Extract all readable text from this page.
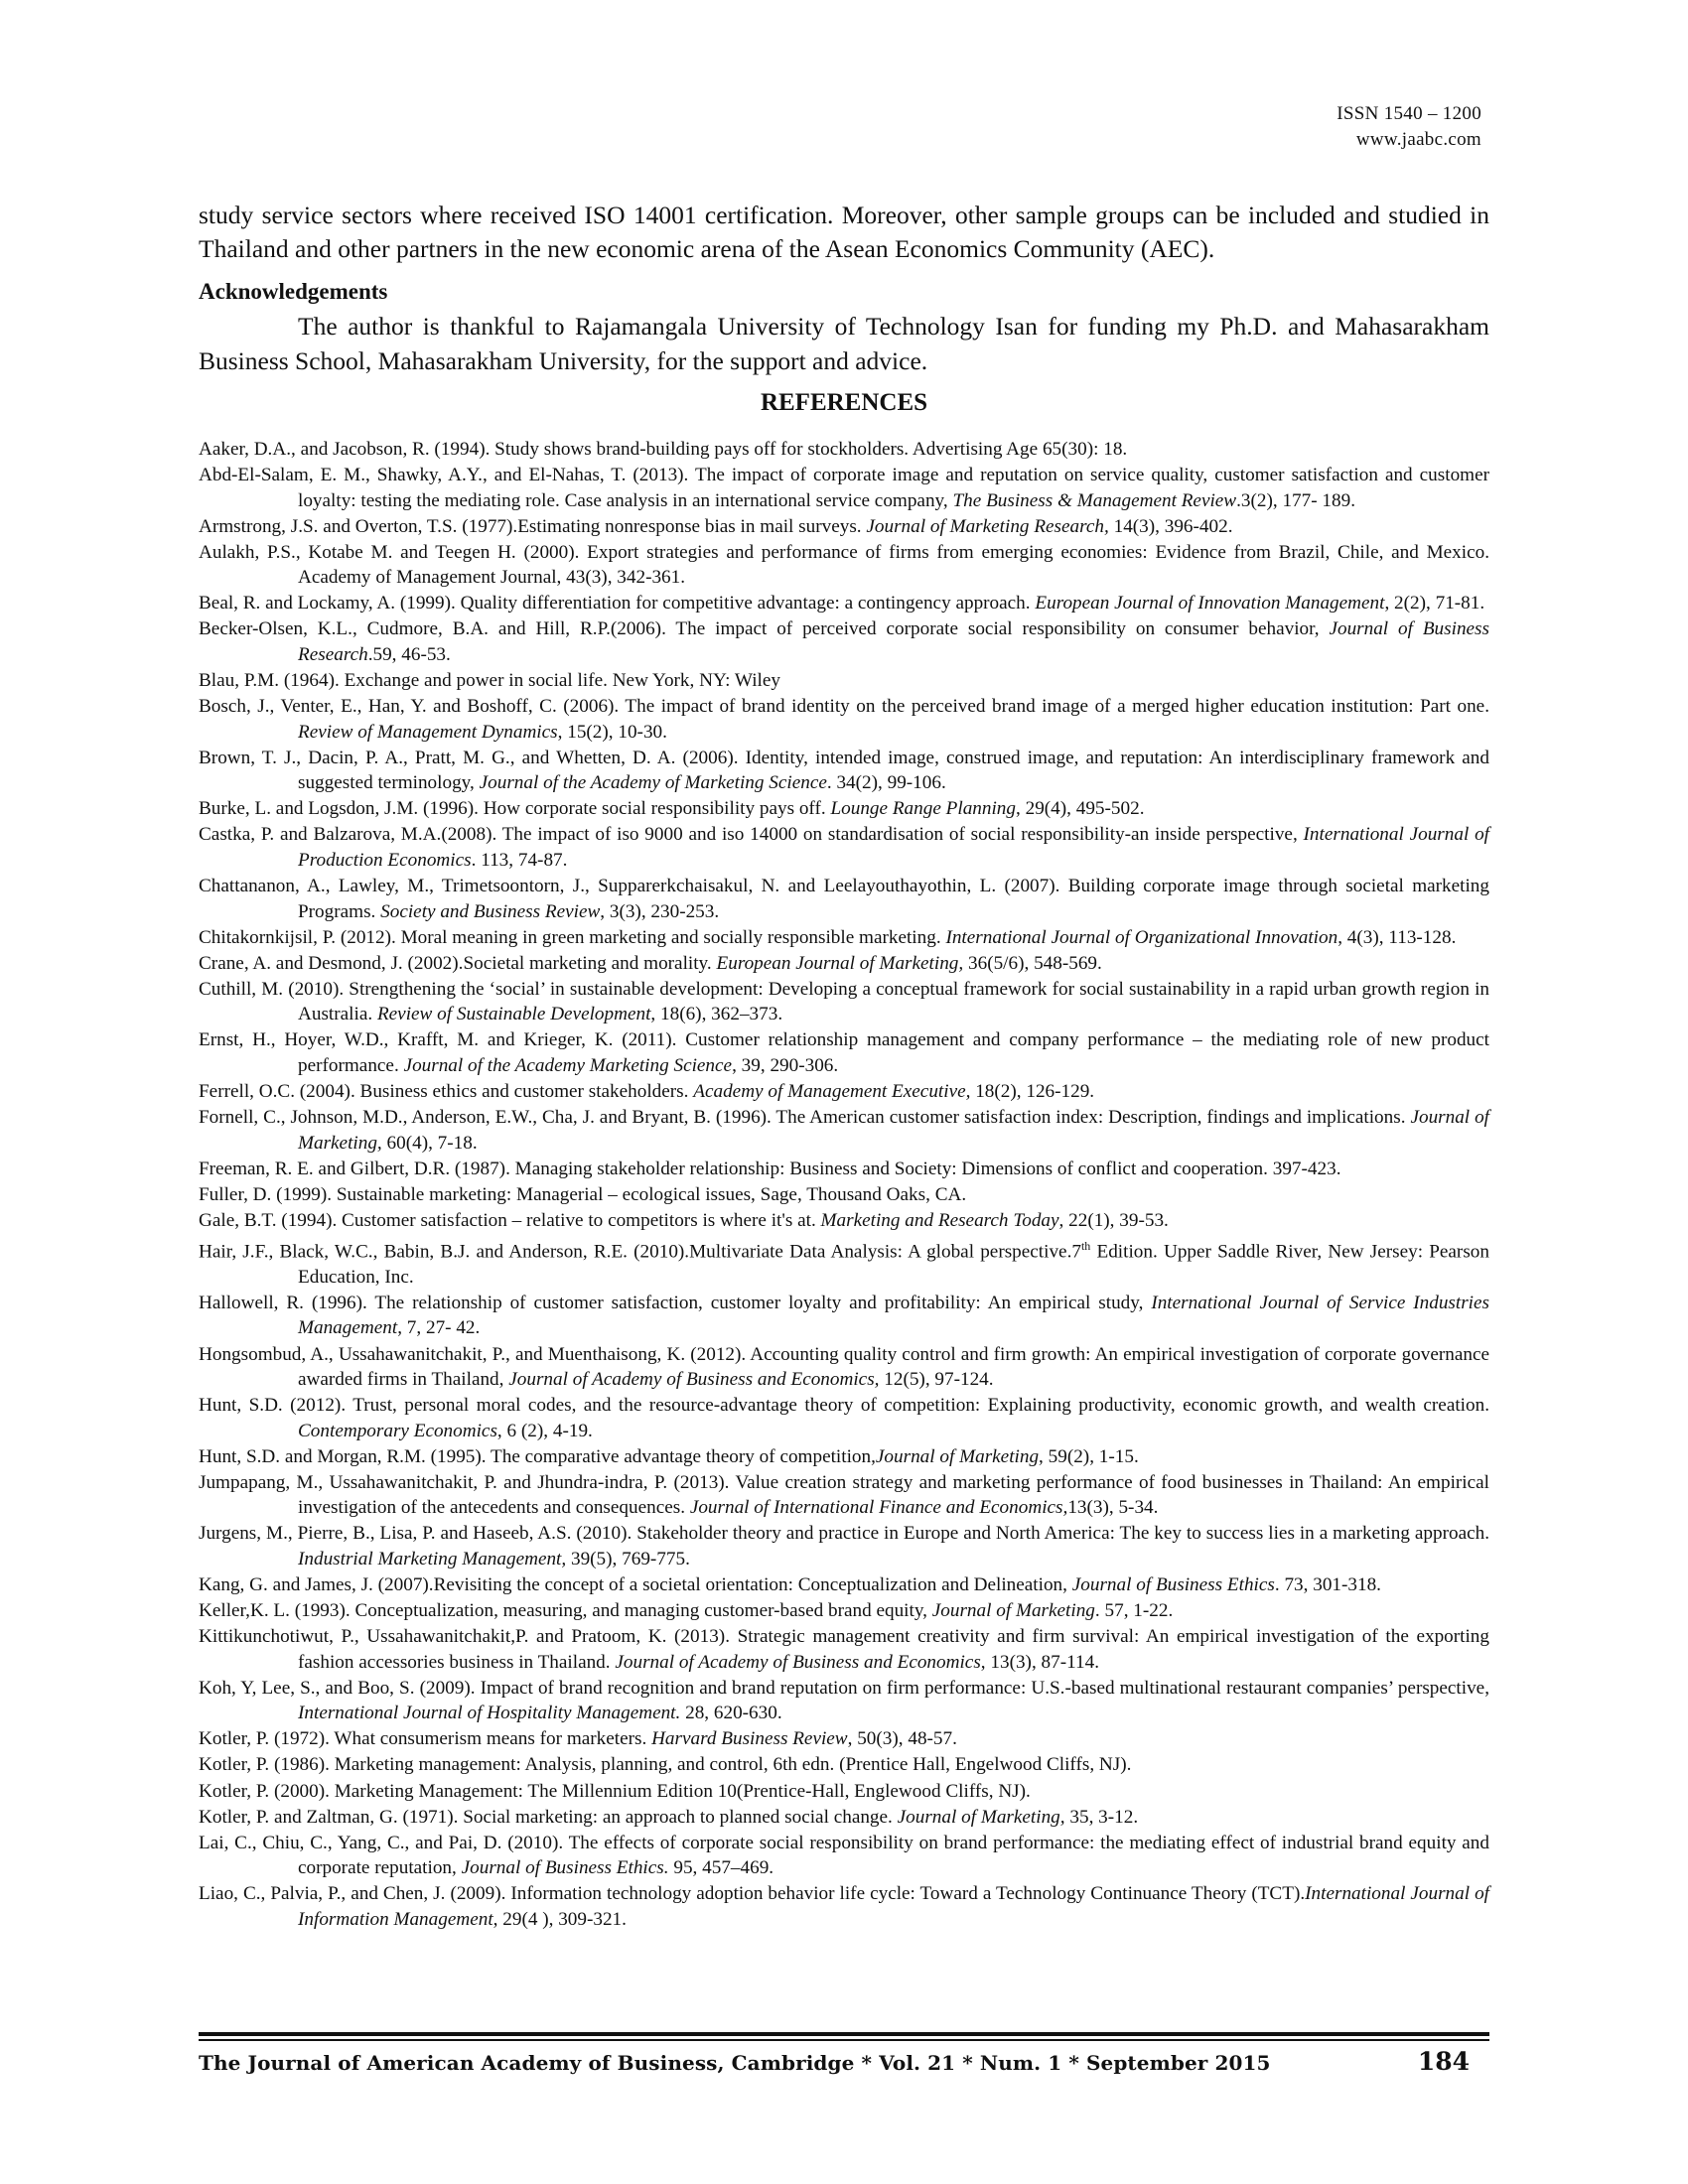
ISSN 1540 – 1200
www.jaabc.com

study service sectors where received ISO 14001 certification. Moreover, other sample groups can be included and studied in Thailand and other partners in the new economic arena of the Asean Economics Community (AEC).

Acknowledgements

The author is thankful to Rajamangala University of Technology Isan for funding my Ph.D. and Mahasarakham Business School, Mahasarakham University, for the support and advice.

REFERENCES

Aaker, D.A., and Jacobson, R. (1994). Study shows brand-building pays off for stockholders. Advertising Age 65(30): 18.

Abd-El-Salam, E. M., Shawky, A.Y., and El-Nahas, T. (2013). The impact of corporate image and reputation on service quality, customer satisfaction and customer loyalty: testing the mediating role. Case analysis in an international service company, The Business & Management Review.3(2), 177- 189.

Armstrong, J.S. and Overton, T.S. (1977).Estimating nonresponse bias in mail surveys. Journal of Marketing Research, 14(3), 396-402.

Aulakh, P.S., Kotabe M. and Teegen H. (2000). Export strategies and performance of firms from emerging economies: Evidence from Brazil, Chile, and Mexico. Academy of Management Journal, 43(3), 342-361.

Beal, R. and Lockamy, A. (1999). Quality differentiation for competitive advantage: a contingency approach. European Journal of Innovation Management, 2(2), 71-81.

Becker-Olsen, K.L., Cudmore, B.A. and Hill, R.P.(2006). The impact of perceived corporate social responsibility on consumer behavior, Journal of Business Research.59, 46-53.

Blau, P.M. (1964). Exchange and power in social life. New York, NY: Wiley

Bosch, J., Venter, E., Han, Y. and Boshoff, C. (2006). The impact of brand identity on the perceived brand image of a merged higher education institution: Part one. Review of Management Dynamics, 15(2), 10-30.

Brown, T. J., Dacin, P. A., Pratt, M. G., and Whetten, D. A. (2006). Identity, intended image, construed image, and reputation: An interdisciplinary framework and suggested terminology, Journal of the Academy of Marketing Science. 34(2), 99-106.

Burke, L. and Logsdon, J.M. (1996). How corporate social responsibility pays off. Lounge Range Planning, 29(4), 495-502.

Castka, P. and Balzarova, M.A.(2008). The impact of iso 9000 and iso 14000 on standardisation of social responsibility-an inside perspective, International Journal of Production Economics. 113, 74-87.

Chattananon, A., Lawley, M., Trimetsoontorn, J., Supparerkchaisakul, N. and Leelayouthayothin, L. (2007). Building corporate image through societal marketing Programs. Society and Business Review, 3(3), 230-253.

Chitakornkijsil, P. (2012). Moral meaning in green marketing and socially responsible marketing. International Journal of Organizational Innovation, 4(3), 113-128.

Crane, A. and Desmond, J. (2002).Societal marketing and morality. European Journal of Marketing, 36(5/6), 548-569.

Cuthill, M. (2010). Strengthening the ‘social’ in sustainable development: Developing a conceptual framework for social sustainability in a rapid urban growth region in Australia. Review of Sustainable Development, 18(6), 362–373.

Ernst, H., Hoyer, W.D., Krafft, M. and Krieger, K. (2011). Customer relationship management and company performance – the mediating role of new product performance. Journal of the Academy Marketing Science, 39, 290-306.

Ferrell, O.C. (2004). Business ethics and customer stakeholders. Academy of Management Executive, 18(2), 126-129.

Fornell, C., Johnson, M.D., Anderson, E.W., Cha, J. and Bryant, B. (1996). The American customer satisfaction index: Description, findings and implications. Journal of Marketing, 60(4), 7-18.

Freeman, R. E. and Gilbert, D.R. (1987). Managing stakeholder relationship: Business and Society: Dimensions of conflict and cooperation. 397-423.

Fuller, D. (1999). Sustainable marketing: Managerial – ecological issues, Sage, Thousand Oaks, CA.

Gale, B.T. (1994). Customer satisfaction – relative to competitors is where it's at. Marketing and Research Today, 22(1), 39-53.

Hair, J.F., Black, W.C., Babin, B.J. and Anderson, R.E. (2010).Multivariate Data Analysis: A global perspective.7th Edition. Upper Saddle River, New Jersey: Pearson Education, Inc.

Hallowell, R. (1996). The relationship of customer satisfaction, customer loyalty and profitability: An empirical study, International Journal of Service Industries Management, 7, 27- 42.

Hongsombud, A., Ussahawanitchakit, P., and Muenthaisong, K. (2012). Accounting quality control and firm growth: An empirical investigation of corporate governance awarded firms in Thailand, Journal of Academy of Business and Economics, 12(5), 97-124.

Hunt, S.D. (2012). Trust, personal moral codes, and the resource-advantage theory of competition: Explaining productivity, economic growth, and wealth creation. Contemporary Economics, 6 (2), 4-19.

Hunt, S.D. and Morgan, R.M. (1995). The comparative advantage theory of competition,Journal of Marketing, 59(2), 1-15.

Jumpapang, M., Ussahawanitchakit, P. and Jhundra-indra, P. (2013). Value creation strategy and marketing performance of food businesses in Thailand: An empirical investigation of the antecedents and consequences. Journal of International Finance and Economics,13(3), 5-34.

Jurgens, M., Pierre, B., Lisa, P. and Haseeb, A.S. (2010). Stakeholder theory and practice in Europe and North America: The key to success lies in a marketing approach. Industrial Marketing Management, 39(5), 769-775.

Kang, G. and James, J. (2007).Revisiting the concept of a societal orientation: Conceptualization and Delineation, Journal of Business Ethics. 73, 301-318.

Keller,K. L. (1993). Conceptualization, measuring, and managing customer-based brand equity, Journal of Marketing. 57, 1-22.

Kittikunchotiwut, P., Ussahawanitchakit,P. and Pratoom, K. (2013). Strategic management creativity and firm survival: An empirical investigation of the exporting fashion accessories business in Thailand. Journal of Academy of Business and Economics, 13(3), 87-114.

Koh, Y, Lee, S., and Boo, S. (2009). Impact of brand recognition and brand reputation on firm performance: U.S.-based multinational restaurant companies’ perspective, International Journal of Hospitality Management. 28, 620-630.

Kotler, P. (1972). What consumerism means for marketers. Harvard Business Review, 50(3), 48-57.

Kotler, P. (1986). Marketing management: Analysis, planning, and control, 6th edn. (Prentice Hall, Engelwood Cliffs, NJ).

Kotler, P. (2000). Marketing Management: The Millennium Edition 10(Prentice-Hall, Englewood Cliffs, NJ).

Kotler, P. and Zaltman, G. (1971). Social marketing: an approach to planned social change. Journal of Marketing, 35, 3-12.

Lai, C., Chiu, C., Yang, C., and Pai, D. (2010). The effects of corporate social responsibility on brand performance: the mediating effect of industrial brand equity and corporate reputation, Journal of Business Ethics. 95, 457–469.

Liao, C., Palvia, P., and Chen, J. (2009). Information technology adoption behavior life cycle: Toward a Technology Continuance Theory (TCT).International Journal of Information Management, 29(4 ), 309-321.

The Journal of American Academy of Business, Cambridge * Vol. 21 * Num. 1 * September 2015	184
